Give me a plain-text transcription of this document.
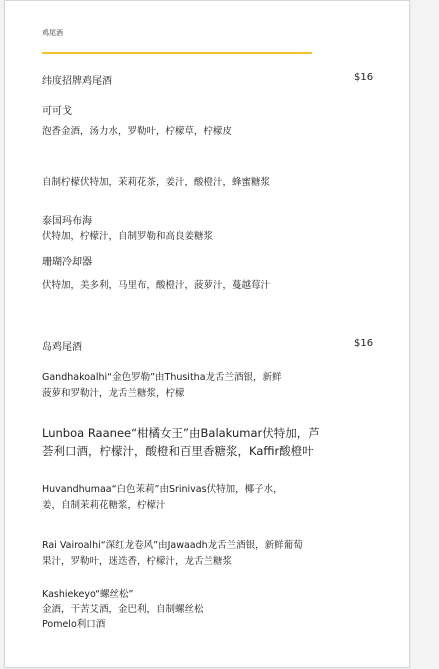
鸡尾酒
纬度招牌鸡尾酒	$16
可可戈
泡香金酒，汤力水，罗勒叶，柠檬草，柠檬皮
自制柠檬伏特加，茉莉花茶，姜汁，酸橙汁，蜂蜜糖浆
泰国玛布海
伏特加，柠檬汁，自制罗勒和高良姜糖浆
珊瑚冷却器
伏特加，美多利，马里布，酸橙汁，菠萝汁，蔓越莓汁
岛鸡尾酒	$16
Gandhakoalhi“金色罗勒”由Thusitha龙舌兰酒银，新鲜
菠萝和罗勒汁，龙舌兰糖浆，柠檬
Lunboa Raanee“柑橘女王”由Balakumar伏特加，芦
荟利口酒，柠檬汁，酸橙和百里香糖浆，Kaffir酸橙叶
Huvandhumaa“白色茉莉”由Srinivas伏特加，椰子水，
姜，自制茉莉花糖浆，柠檬汁
Rai Vairoalhi“深红龙卷风”由Jawaadh龙舌兰酒银，新鲜葡萄
果汁，罗勒叶，迷迭香，柠檬汁，龙舌兰糖浆
Kashiekeyo“螺丝松”
金酒，干苦艾酒，金巴利，自制螺丝松
Pomelo利口酒
